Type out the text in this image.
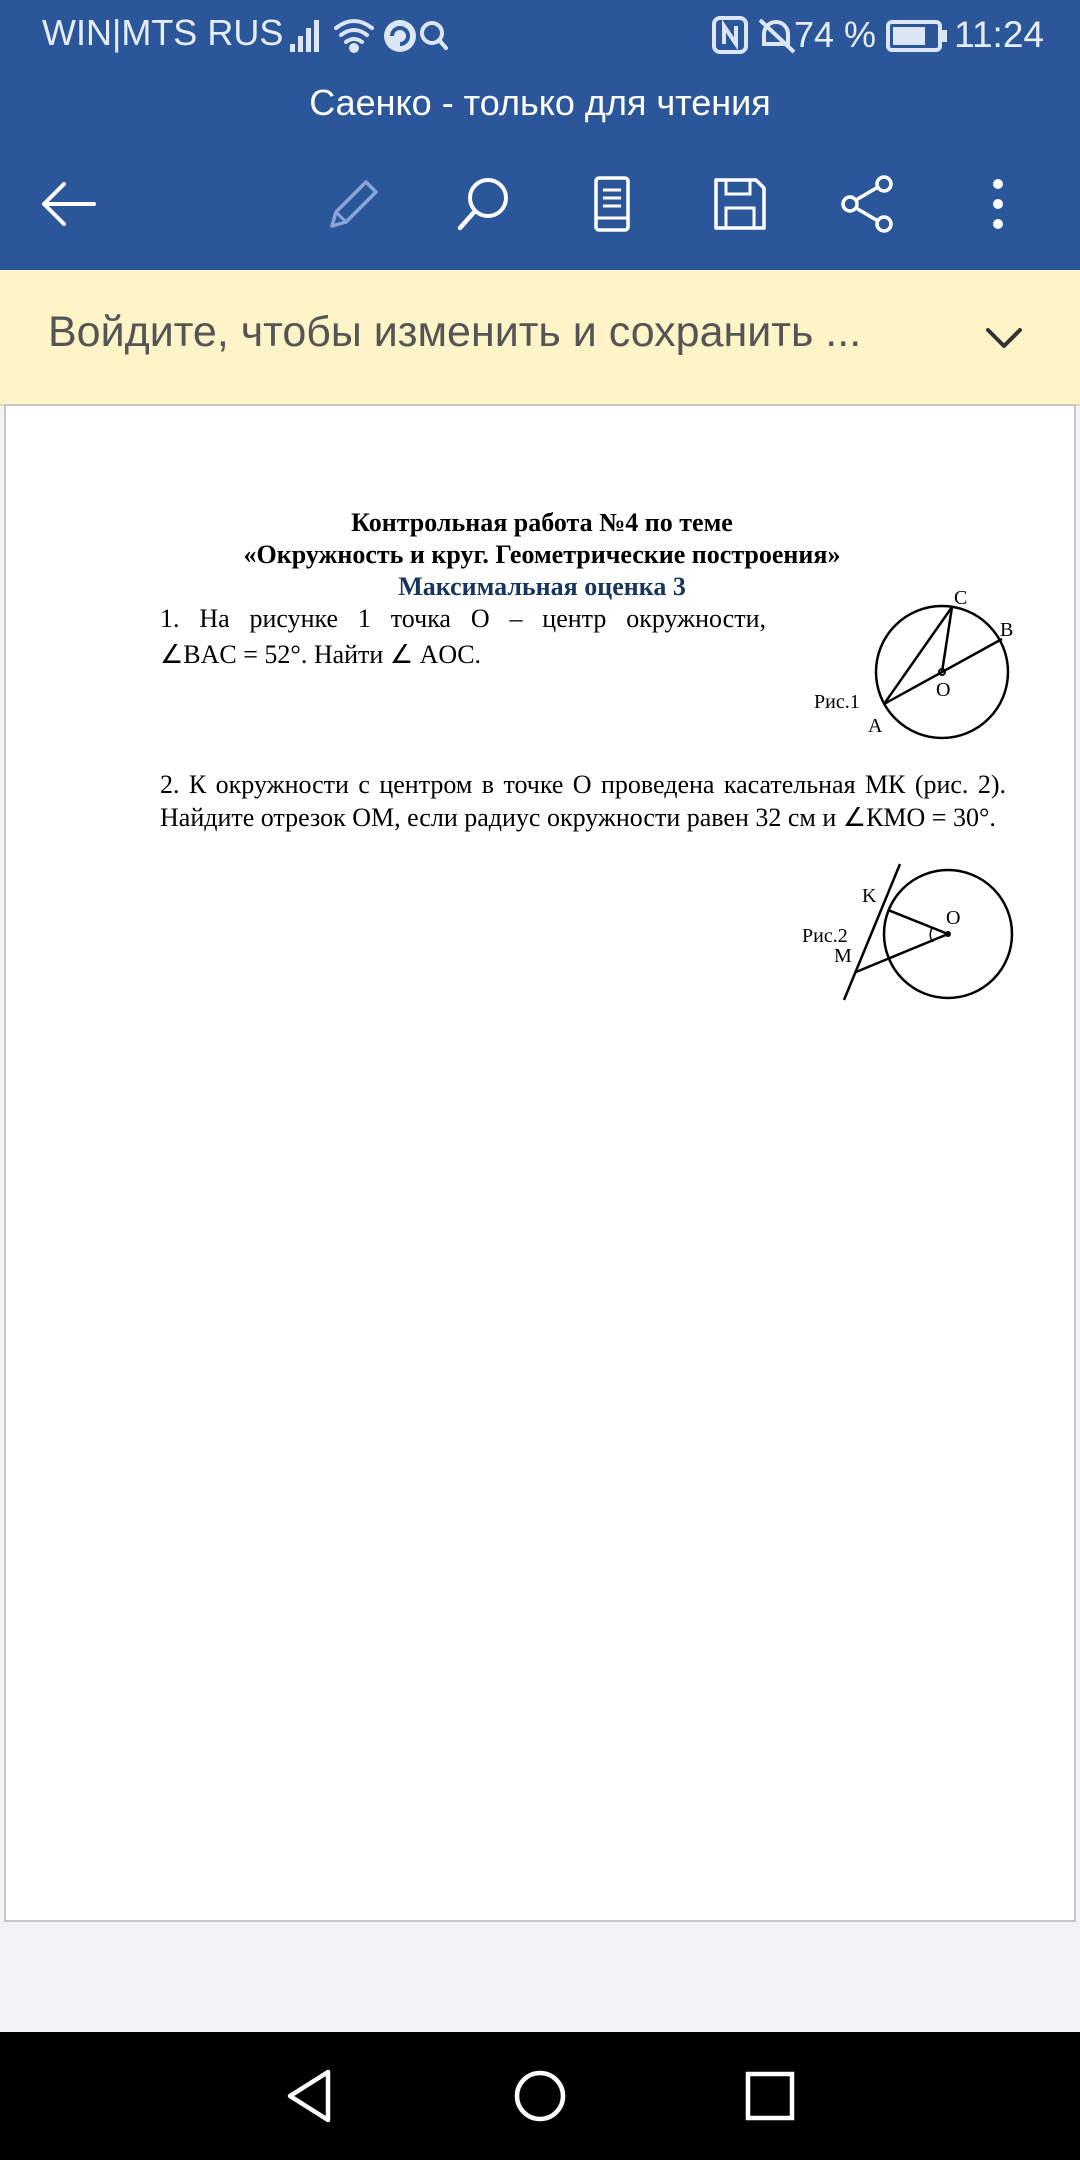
WIN|MTS RUS	74 % 11:24
Саенко - только для чтения
Войдите, чтобы изменить и сохранить ...
Контрольная работа №4 по теме
«Окружность и круг. Геометрические построения»
Максимальная оценка 3
1. На рисунке 1 точка О – центр окружности,
∠BAC = 52°. Найти ∠ AOC.
Рис.1
A
B
C
O
2. К окружности с центром в точке О проведена касательная МК (рис. 2). Найдите отрезок ОМ, если радиус окружности равен 32 см и ∠КМО = 30°.
Рис.2
K
M
O
